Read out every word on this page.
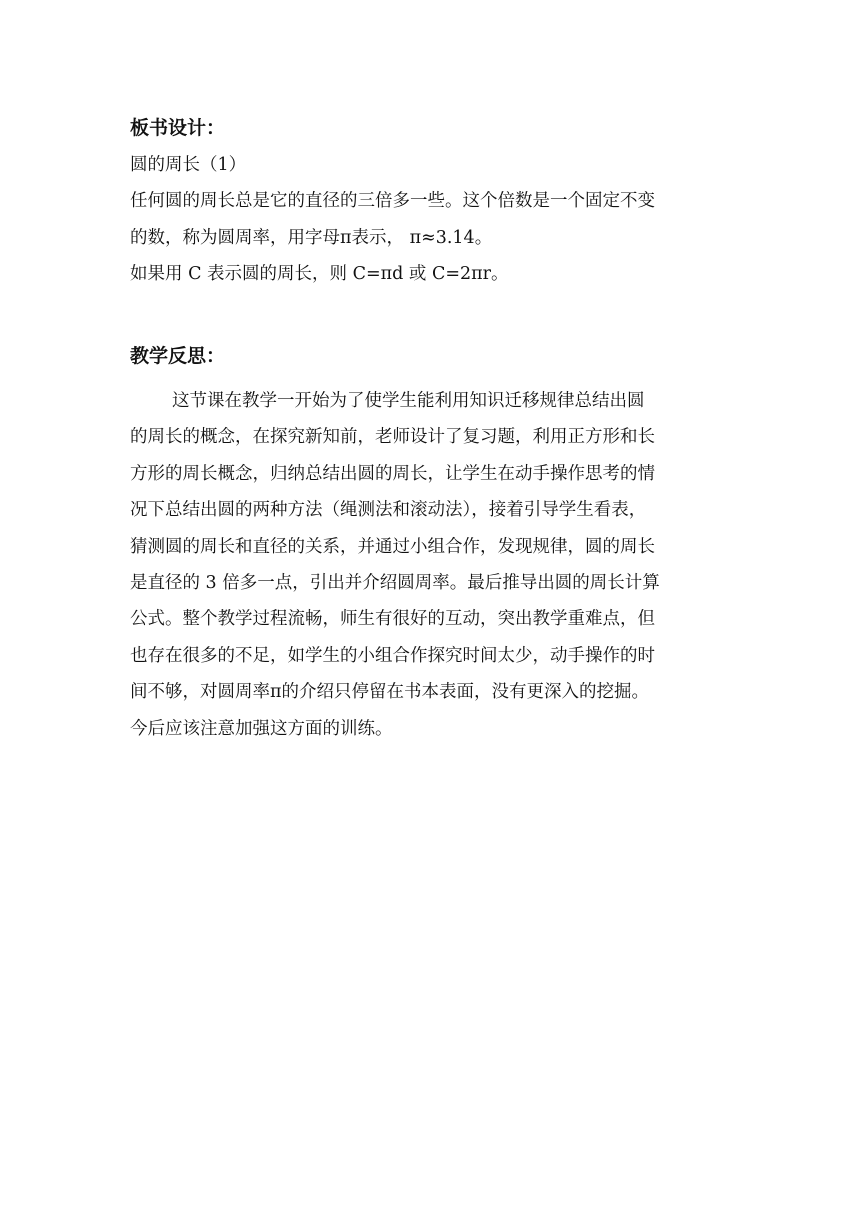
板书设计：

圆的周长（1）

任何圆的周长总是它的直径的三倍多一些。这个倍数是一个固定不变

的数，称为圆周率，用字母π表示， π≈3.14。

如果用 C 表示圆的周长，则 C=πd 或 C=2πr。

教学反思：

这节课在教学一开始为了使学生能利用知识迁移规律总结出圆

的周长的概念，在探究新知前，老师设计了复习题，利用正方形和长

方形的周长概念，归纳总结出圆的周长，让学生在动手操作思考的情

况下总结出圆的两种方法（绳测法和滚动法），接着引导学生看表，

猜测圆的周长和直径的关系，并通过小组合作，发现规律，圆的周长

是直径的 3 倍多一点，引出并介绍圆周率。最后推导出圆的周长计算

公式。整个教学过程流畅，师生有很好的互动，突出教学重难点，但

也存在很多的不足，如学生的小组合作探究时间太少，动手操作的时

间不够，对圆周率π的介绍只停留在书本表面，没有更深入的挖掘。

今后应该注意加强这方面的训练。
